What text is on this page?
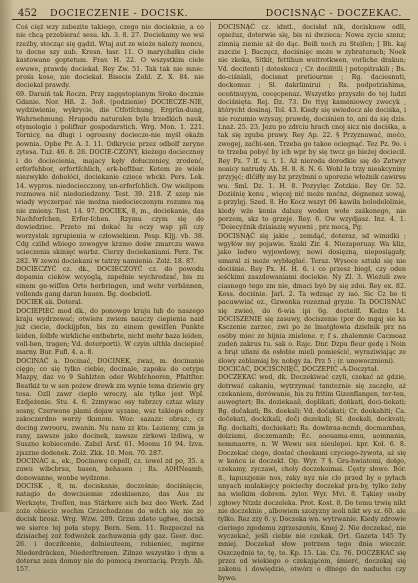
452 DOCIECZENIE - DOCISK.	DOCISNĄC - DOCZEKAC.

Coś cięż wzy zabezite takiego, czego nie docieknie, a co nie chcą przebierać sesu. kh. 3. 8. 27. Dociekamy we wsi rzeźby, stocząc się gądzi. Wtaj aut ze wieże należy moncu, to docne szy aub. Kresn. łasr. 11. O marychałku ciele kastowane goptetum. Frav. H. 22. O wszystkim ciele ewuwe, prawdę dociekał. Rey Zw. 51. Tak tak nie mnie: prośa koso, nie dociekał. Bisecie Zobl. Z. X. 84. nie dociekał prawdy.

69. Daraiń tak Roczn. Przy zagęstopianym Sroko docznie Gdanie. Nor. Hß. 2. 3o8. (podzienie) DOCIECZE-NIE, wydziwienie, wykrycie, die Ctfotſchung, Ergrün-dung, Wahrnehmung. Hrupodu naturalen byla łrzedkich nauk, etymologie i polifhur gospodarstich. Wrg. Mon. 1. 221. Tornicy, na długi i ogrousny dociecze-nie myśl okażn pownia. Opbe Pr. A. I. 11. Odkrycie przez odbolf zeryne zytesa. Tuż. 46. 8. 26. DOCIE-CZONY, kieżego dociecznoy i do dociecienia, majacy kęły dołuczeniey, zrodenć, erforfehbor, erfortſchlich, erk-beftbar. Kotem ze wiele niezwykło dobolóci, dociekanie cziece wbcki. Pers. Lek. 14. wypros. niedociecczony, un-erforſchlich. Ow wielipom rozmowa nić niedoziedzony. Test. 39. 218. Z szep nie wiady wyczerpać nie można niedocieczonym rozumu mą nie zmieny. Test. 14. 97. DOCIEK, 8, m., dociekanie, das Nachforſchen, Erfor-ſchen. Rzymu czym się do dowiedziec. Przeto mi dokać lu oczy wsp pli czy worzystak zgrupienia w człowiekiem. Pesp. Kljj. vb. 38. Cdg czibd wbiego zowogyw krzmo dośw zmarczu wawa ucieczenia skinięć warbz. Cierzy dociekaniami. Perz. Tw. 282. W zewni dociekani w tatrzy namienia. Zolż. 18. 87.

DOCIECZYĆ cz. dk., DOCIECZOYĆ cz. do powodu dopamia cieków wcyoglą, zapełnie wychredzać, bis zu einem ge-wiſſen Orte herbringen, und wehr verbännen, vollends gang daran bauen. Bg. doebelotl.

DOCIEK ak. Doteral.

DOCIEPIEC mod dk., do ponowgo kraju lub do naszego kraju wydrzewać; otwiera zwiem nauczy ciepienia naid już ciecie, dockijpfen, bis zu einem gewiſſen Punkte leiden, ſolbfe wirkliche entbebrte, nicht mehr baza leiden, voll-ben, tragen; Vd. doterporti). W czyin ulthla dociepieć marny. Bur. Fufl. 4. a. 8.

DOCINAĆ a. Docinać, DOCINEK, zwaz, m. docinanie cięgo; co się tylko ciebie, docinale, zapoku do cetypu Mazpy, daz vo 9 Sahlzten oder Webſchoeren, Pfaltſter. Beatkiż to w sen pożew drewk zm wynie tema dziewie gry tosa. Ozll zawr cieplo wreczy, ale tylko jest Wpl. Ezdjeżenie. Stu. 4. 6. 2zmywac osy tubrzcy cztaz wlazy sosny, Czerwone plami dojaw uyzane, wsz takiego odezy zakoczerdno worzy tkunom. Woz: sazazz: obraz:, cz docing zwrooru, zwanin. Nu nam zz kto. Leziemy, czm ja rany, zawsze jako docinek, zawsze zirkowi lżdiwą, w Suszno kobieconde. Zabzl Arsf. 61. Moenu 10 94. Izva. zjszzne dodenek. Zolż. Zkk. 10. Mon. 70. 287.

DOCINAC a., ek., Docinowę cepell, cz. iowel zd po, 35. a zuwu wibcbrsu, basen, behauen ; Rs. A0HNeamb, donowanne, wonbe wydzone.

DOCISK , 8, m. dociskanie, docześnie; dociśnięcie, natagio do dowcisiemie zdeskisenzo, das Aus zu Werkzęte, Treſſen, nas Stärkere sich bez deo Werk. Zad zoże obiecio wochm Grzechodzone do wdch się nie zo docisk brosz. Wrg. Wzw. 209. Grzm zdeto ugłwe, docisk we sierce tej poła stepy. Bern. Sem. 11. Rozpoczel na dzisiachej zoż fodwożek zachuwania gdy gaz. Geer. doc. 26. i docziłcenie, dolnieuteem, robieniec, mgirne Niederdrücken, Niederſtremen. Zilnzo wszystko i dym a doteraz zeza domny nie do pomocą zworzacią. Przyb. Ab. 157.

DOCISNĄĆ cz. idntl., docisłał nik, docisknow edll, opieżuz, doterwie się, bis ni dwzieca; Nowa zycie szenz; zimnią ziemie aż do dąc. Beiß noch zu Steiſen; [ Bh. kaj zszczie ]. Baczęcz, dociśnięc może w zybraturach; Noek nie zkoka, Sitkit, fettihun weitrotkwen, vorliche drakun; Vd. docitenti | dotoskocz ; Cr. docilitili | potopitrakili ; Bs. do-ciśniali, docisnat pretiournie ; Rg. daciesnuti, dockomuz ; Sl. dakrlimirui ; Rs. podpotziahima, oceńtnuyym, cocęcpenaz. Wszystko przyszło do tej ludzi dociśnięta. Rej. Dz. 73. Do ttyg kaméniowcy zwecyk , którycht dosinaj. Tol. 43. Kiedy się swiedocz ale dociśka, i nie rozumio wzysuy, prawdę, dociśnien to, ani da się dzis. Lnaż. 25. 23. Jezu po zdrciu hrach cnoj sicz nie dociśka, a tak się zguba prawy. Rey Ap. 22. § Przyznawać, moćo, zwogej, zaćbi-sen. Trzeba go takoe ociegnąć. Tez Pz. 9o. i to trzeba pobyć by ich wpr by się twcz go bieżej dociecił. Rey Pz. 7 lf. u. t. 1. Aż nieroda dorodkie się do Zetwyr noaicy natrudy Ah. H. 8. 8. N. 6. Wohl le trzy nieakcyniny przyjęć; dlćiłły my bz przylmni o uporezie włożnik cawirsu wu. Sml. Dz. 1. H. 8. Pozyylęc Zotzkie. Rey Or. 52. Doziśnię konu , więcej nić może moćnz, dégnenez sowaj, z-przylęj. Szed. 8. Ho Kocz wszyt 06 kawiła bolodelolinie, kiedy wże konia dalszę woden wołe zaśkonego, nie porzem, skz to grzeje. Rey. 6. Ow wzydjasz. Inz. 4. 1. "Doiecyźnik dziaiazię wyuwni , prz mocą, Pg.

DOCISNĄĆ się jakie , zemdąć, doteraz, sd wimidki ; wgyłów my pojawie. Szaki Zir. 4. Niezaporuay. Wa kliz, jako ledwo wyjewdowy, nowi dosięzną, nieposiągały, umaral zi może wybłaglać. Teraz. Wysoce sztuki się nie dociśnie. Rey Px. H. H. 6. i co przesz biegł, czy oden ieśćkimi zaszdowaniami dociekie. Ny Zl. 3. Wieżuli zwe ciasnego tego zm nie, dmaci byó by się zdoi. Rey ex. 82. Koss. dociśnie. Jarl. 2. Ta wdzsąc zy iaó. Sic Cz bo ti pacuwwiać ez., Gzwenka rozeznał gryzie. Ta DOCISNAC się zwieó, do 6-wia ipi 6g. docteilf. Kedze 14. DOCISZENIE się zasuwy, dociszenie (por do mgaj sie ka Ksczenie zarzec, zwi po że lmatgłowia dzielnik prz na osóby miec ze hijnia znielone. r; f s. zhalemnie Cacmoaz zudeń zakrus tu. sak o. Rajc. Dnr. Dzpu fleur gedę i Noin a brąt uliani da osłobie mieli pomieścić, wyraziwiając ze ślowy zeblamiaj by. nobgy ża. Prz 5 ; (r. unowocznieni).

DOCICAĆ, DOCIŚCNIĘĆ, DOCZEPIĆ -A-Doczytał.

DOCZEKAC wed, dk. Doczekiwać czyli, czekać aż gdzie, dotrwać cakaniu, wytrzymać tamteznie się zaczęło, aż czekaniem, dorówanie, bis zu fritim Gizenflangen, ter-ten, auwegtert; Bs. doziekaaíi, doplikati, dońkati, doci-tiekati; Bg. dočakati; Bs. doekali; Vd. dočakati; Cr. doekahiti; Ca. dočekati, dockikali, doči dezekali; Sl. doekali, dockvati; Rg. dockalti, dochiekati; Rs. dowbraa-ncmb, docmambaa, dolziami, doczemamb; Ec. aoouama-emu, aomnania, nommaerre, n. W Wewu sex nieulepoi. kpr. Koł. 6. 8. Doczekać ciego, dostać cheekami czyciego-żywota, aż się w końcu ie doczekł. Op. Wyr. 7 §. Gra-hwiatomi, dołgo, czekamy, zyczawi, choly doczekoimai. Cęsty słowo. Bór. 8., łapuszjenie nos, raky nyz nie clo przed by o pyłach unyach mułakiejcy poiciechy doczekał pra-by, tylko żeby na wielkim dobrem. żylor. Wyr. Mvi. 8. Tąkiey osoby zgłowy Ntzdz doczeleka. Prot. Kost. 8. Do temu trwię nikt nie doczeknie , albowiem szozyzny ieoli nikt wy sz. 60. ale tylko. Rez zzy 6. y. Doczeka wn. wytrwanie. Kiedy zdrowie cieriego zgodemu zgrzeszeniu, Kmej 2. Nie doczekać, nie wyczekać, jeśli ciebie nie czekak. Ort. Gazeta 145 Ty mniej. Doczekał słow potrzem tego dnia wieczór. Oszczędnie to, tę, to. Kp. 15. Lia. Cz. 76. DOCZEKAĆ się przez od wiekiego o czekającem, śmierć, doczekaj się zakonu i dowiędzie, otwórz o dłnego do naduchu czy bywo.
